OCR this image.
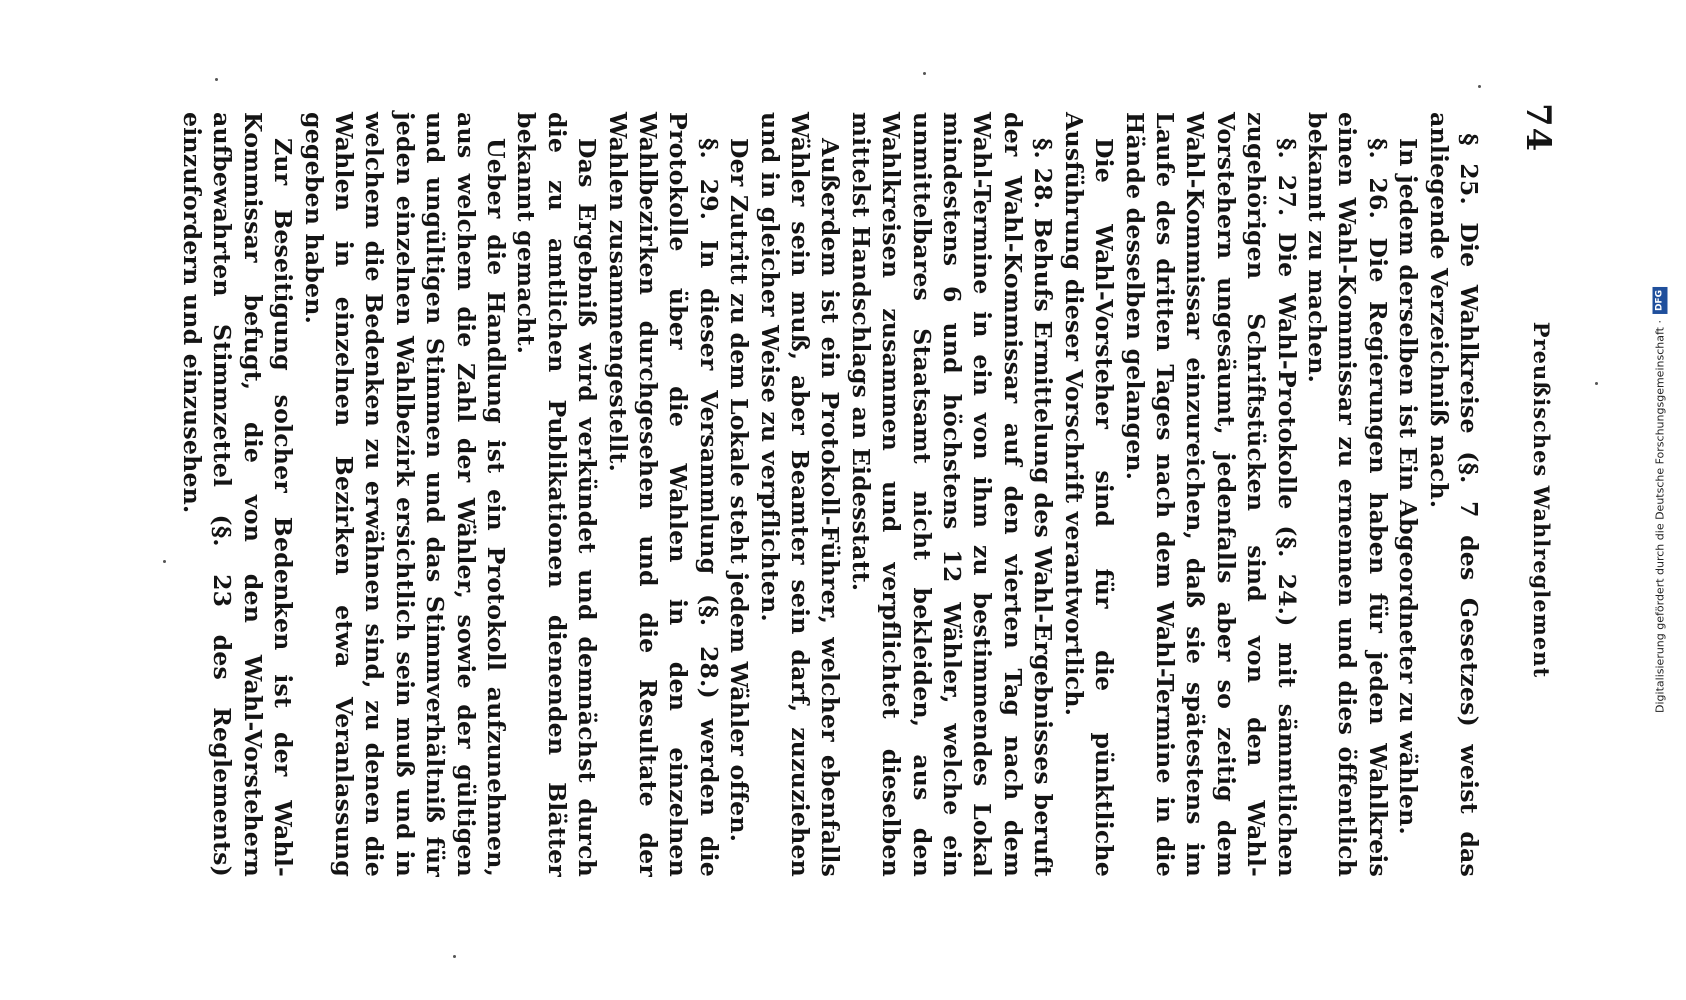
74
Preußisches Wahlreglement

§ 25. Die Wahlkreise (§. 7 des Gesetzes) weist das anliegende Verzeichniß nach.

In jedem derselben ist Ein Abgeordneter zu wählen.

§. 26. Die Regierungen haben für jeden Wahlkreis einen Wahl-Kommissar zu ernennen und dies öffentlich bekannt zu machen.

§. 27. Die Wahl-Protokolle (§. 24.) mit sämmtlichen zugehörigen Schriftstücken sind von den Wahl-Vorstehern ungesäumt, jedenfalls aber so zeitig dem Wahl-Kommissar einzureichen, daß sie spätestens im Laufe des dritten Tages nach dem Wahl-Termine in die Hände desselben gelangen.

Die Wahl-Vorsteher sind für die pünktliche Ausführung dieser Vorschrift verantwortlich.

§. 28. Behufs Ermittelung des Wahl-Ergebnisses beruft der Wahl-Kommissar auf den vierten Tag nach dem Wahl-Termine in ein von ihm zu bestimmendes Lokal mindestens 6 und höchstens 12 Wähler, welche ein unmittelbares Staatsamt nicht bekleiden, aus den Wahlkreisen zusammen und verpflichtet dieselben mittelst Handschlags an Eidesstatt.

Außerdem ist ein Protokoll-Führer, welcher ebenfalls Wähler sein muß, aber Beamter sein darf, zuzuziehen und in gleicher Weise zu verpflichten.

Der Zutritt zu dem Lokale steht jedem Wähler offen.

§. 29. In dieser Versammlung (§. 28.) werden die Protokolle über die Wahlen in den einzelnen Wahlbezirken durchgesehen und die Resultate der Wahlen zusammengestellt.

Das Ergebniß wird verkündet und demnächst durch die zu amtlichen Publikationen dienenden Blätter bekannt gemacht.

Ueber die Handlung ist ein Protokoll aufzunehmen, aus welchem die Zahl der Wähler, sowie der gültigen und ungültigen Stimmen und das Stimmverhältniß für jeden einzelnen Wahlbezirk ersichtlich sein muß und in welchem die Bedenken zu erwähnen sind, zu denen die Wahlen in einzelnen Bezirken etwa Veranlassung gegeben haben.

Zur Beseitigung solcher Bedenken ist der Wahl-Kommissar befugt, die von den Wahl-Vorstehern aufbewahrten Stimmzettel (§. 23 des Reglements) einzufordern und einzusehen.

Digitalisierung gefördert durch die Deutsche Forschungsgemeinschaft ·
DFG
